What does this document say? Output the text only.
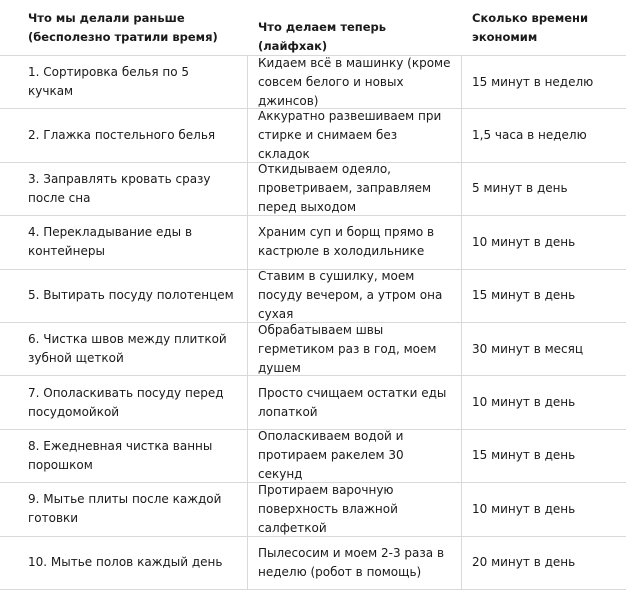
Что мы делали раньше (бесполезно тратили время)
Что делаем теперь (лайфхак)
Сколько времени экономим
1. Сортировка белья по 5 кучкам
Кидаем всё в машинку (кроме совсем белого и новых джинсов)
15 минут в неделю
2. Глажка постельного белья
Аккуратно развешиваем при стирке и снимаем без складок
1,5 часа в неделю
3. Заправлять кровать сразу после сна
Откидываем одеяло, проветриваем, заправляем перед выходом
5 минут в день
4. Перекладывание еды в контейнеры
Храним суп и борщ прямо в кастрюле в холодильнике
10 минут в день
5. Вытирать посуду полотенцем
Ставим в сушилку, моем посуду вечером, а утром она сухая
15 минут в день
6. Чистка швов между плиткой зубной щеткой
Обрабатываем швы герметиком раз в год, моем душем
30 минут в месяц
7. Ополаскивать посуду перед посудомойкой
Просто счищаем остатки еды лопаткой
10 минут в день
8. Ежедневная чистка ванны порошком
Ополаскиваем водой и протираем ракелем 30 секунд
15 минут в день
9. Мытье плиты после каждой готовки
Протираем варочную поверхность влажной салфеткой
10 минут в день
10. Мытье полов каждый день
Пылесосим и моем 2-3 раза в неделю (робот в помощь)
20 минут в день
